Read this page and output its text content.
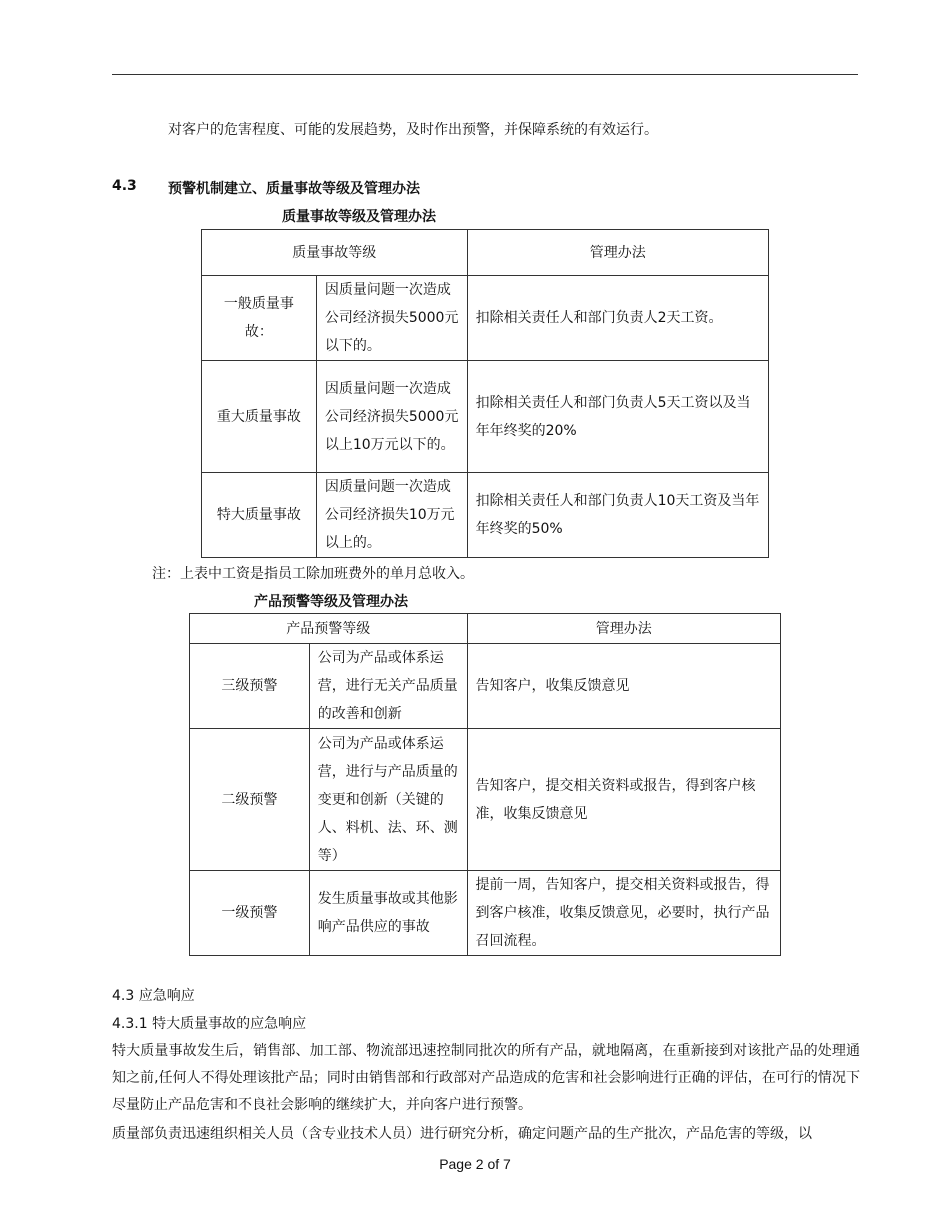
对客户的危害程度、可能的发展趋势，及时作出预警，并保障系统的有效运行。
4.3 预警机制建立、质量事故等级及管理办法
质量事故等级及管理办法
质量事故等级		管理办法
一般质量事故：	因质量问题一次造成公司经济损失5000元以下的。	扣除相关责任人和部门负责人2天工资。
重大质量事故	因质量问题一次造成公司经济损失5000元以上10万元以下的。	扣除相关责任人和部门负责人5天工资以及当年年终奖的20%
特大质量事故	因质量问题一次造成公司经济损失10万元以上的。	扣除相关责任人和部门负责人10天工资及当年年终奖的50%
注：上表中工资是指员工除加班费外的单月总收入。
产品预警等级及管理办法
产品预警等级		管理办法
三级预警	公司为产品或体系运营，进行无关产品质量的改善和创新	告知客户，收集反馈意见
二级预警	公司为产品或体系运营，进行与产品质量的变更和创新（关键的人、料机、法、环、测等）	告知客户，提交相关资料或报告，得到客户核准，收集反馈意见
一级预警	发生质量事故或其他影响产品供应的事故	提前一周，告知客户，提交相关资料或报告，得到客户核准，收集反馈意见，必要时，执行产品召回流程。
4.3 应急响应
4.3.1 特大质量事故的应急响应
特大质量事故发生后，销售部、加工部、物流部迅速控制同批次的所有产品，就地隔离，在重新接到对该批产品的处理通知之前,任何人不得处理该批产品；同时由销售部和行政部对产品造成的危害和社会影响进行正确的评估，在可行的情况下尽量防止产品危害和不良社会影响的继续扩大，并向客户进行预警。
质量部负责迅速组织相关人员（含专业技术人员）进行研究分析，确定问题产品的生产批次，产品危害的等级，以
Page 2 of 7
